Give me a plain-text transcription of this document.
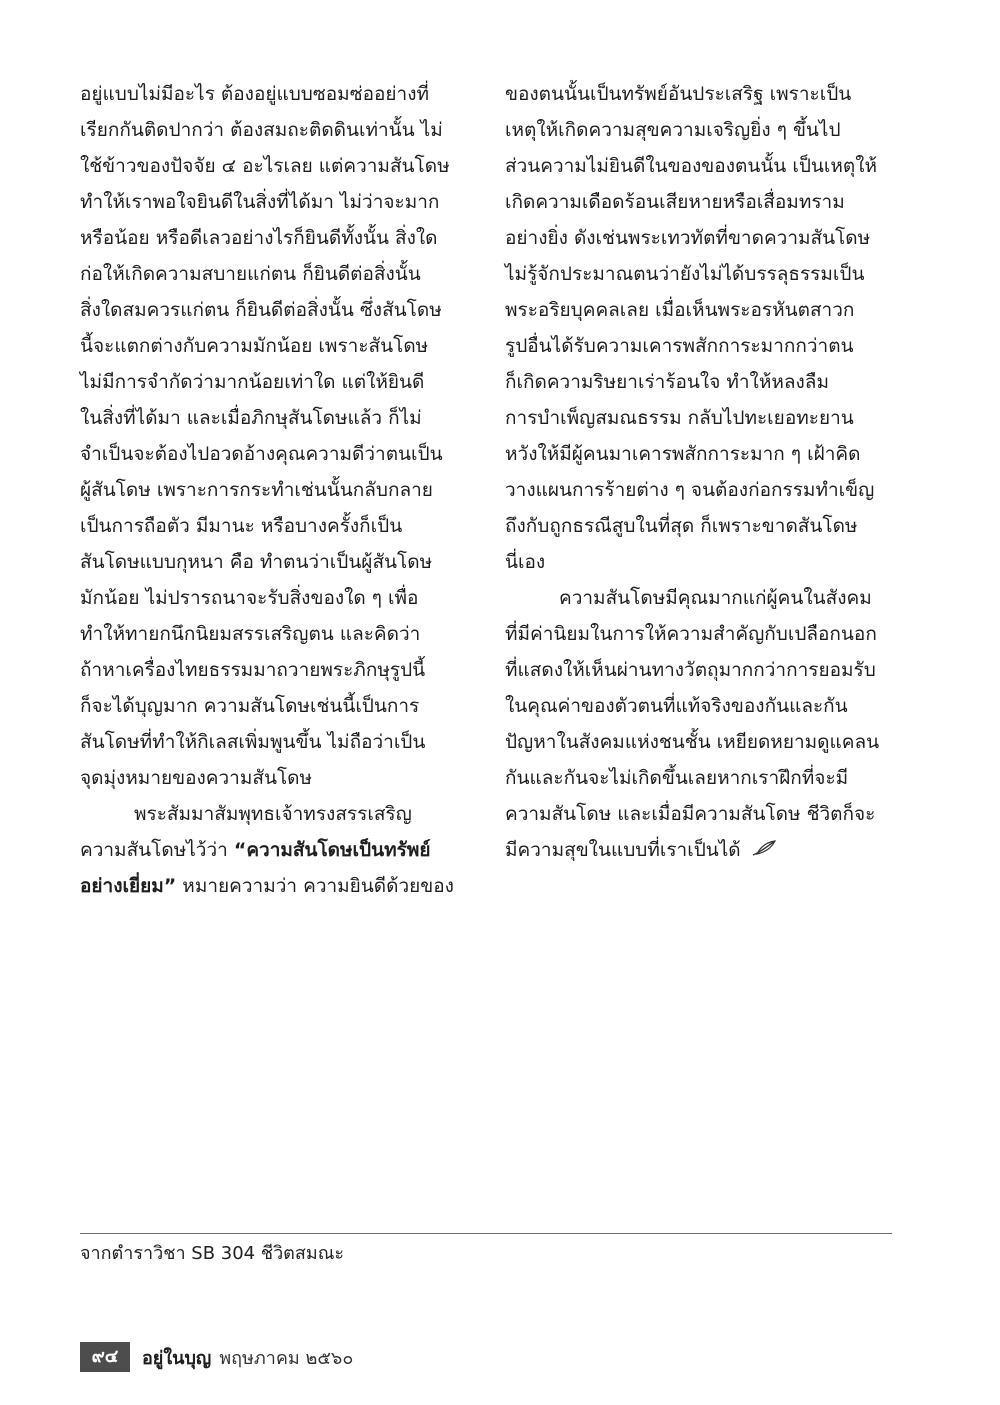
อยู่แบบไม่มีอะไร ต้องอยู่แบบซอมซ่ออย่างที่
เรียกกันติดปากว่า ต้องสมถะติดดินเท่านั้น ไม่
ใช้ข้าวของปัจจัย ๔ อะไรเลย แต่ความสันโดษ
ทำให้เราพอใจยินดีในสิ่งที่ได้มา ไม่ว่าจะมาก
หรือน้อย หรือดีเลวอย่างไรก็ยินดีทั้งนั้น สิ่งใด
ก่อให้เกิดความสบายแก่ตน ก็ยินดีต่อสิ่งนั้น
สิ่งใดสมควรแก่ตน ก็ยินดีต่อสิ่งนั้น ซึ่งสันโดษ
นี้จะแตกต่างกับความมักน้อย เพราะสันโดษ
ไม่มีการจำกัดว่ามากน้อยเท่าใด แต่ให้ยินดี
ในสิ่งที่ได้มา และเมื่อภิกษุสันโดษแล้ว ก็ไม่
จำเป็นจะต้องไปอวดอ้างคุณความดีว่าตนเป็น
ผู้สันโดษ เพราะการกระทำเช่นนั้นกลับกลาย
เป็นการถือตัว มีมานะ หรือบางครั้งก็เป็น
สันโดษแบบกุหนา คือ ทำตนว่าเป็นผู้สันโดษ
มักน้อย ไม่ปรารถนาจะรับสิ่งของใด ๆ เพื่อ
ทำให้ทายกนึกนิยมสรรเสริญตน และคิดว่า
ถ้าหาเครื่องไทยธรรมมาถวายพระภิกษุรูปนี้
ก็จะได้บุญมาก ความสันโดษเช่นนี้เป็นการ
สันโดษที่ทำให้กิเลสเพิ่มพูนขึ้น ไม่ถือว่าเป็น
จุดมุ่งหมายของความสันโดษ
พระสัมมาสัมพุทธเจ้าทรงสรรเสริญ
ความสันโดษไว้ว่า “ความสันโดษเป็นทรัพย์
อย่างเยี่ยม” หมายความว่า ความยินดีด้วยของ
ของตนนั้นเป็นทรัพย์อันประเสริฐ เพราะเป็น
เหตุให้เกิดความสุขความเจริญยิ่ง ๆ ขึ้นไป
ส่วนความไม่ยินดีในของของตนนั้น เป็นเหตุให้
เกิดความเดือดร้อนเสียหายหรือเสื่อมทราม
อย่างยิ่ง ดังเช่นพระเทวทัตที่ขาดความสันโดษ
ไม่รู้จักประมาณตนว่ายังไม่ได้บรรลุธรรมเป็น
พระอริยบุคคลเลย เมื่อเห็นพระอรหันตสาวก
รูปอื่นได้รับความเคารพสักการะมากกว่าตน
ก็เกิดความริษยาเร่าร้อนใจ ทำให้หลงลืม
การบำเพ็ญสมณธรรม กลับไปทะเยอทะยาน
หวังให้มีผู้คนมาเคารพสักการะมาก ๆ เฝ้าคิด
วางแผนการร้ายต่าง ๆ จนต้องก่อกรรมทำเข็ญ
ถึงกับถูกธรณีสูบในที่สุด ก็เพราะขาดสันโดษ
นี่เอง
ความสันโดษมีคุณมากแก่ผู้คนในสังคม
ที่มีค่านิยมในการให้ความสำคัญกับเปลือกนอก
ที่แสดงให้เห็นผ่านทางวัตถุมากกว่าการยอมรับ
ในคุณค่าของตัวตนที่แท้จริงของกันและกัน
ปัญหาในสังคมแห่งชนชั้น เหยียดหยามดูแคลน
กันและกันจะไม่เกิดขึ้นเลยหากเราฝึกที่จะมี
ความสันโดษ และเมื่อมีความสันโดษ ชีวิตก็จะ
มีความสุขในแบบที่เราเป็นได้
จากตำราวิชา SB 304 ชีวิตสมณะ
๙๔	อยู่ในบุญ พฤษภาคม ๒๕๖๐
